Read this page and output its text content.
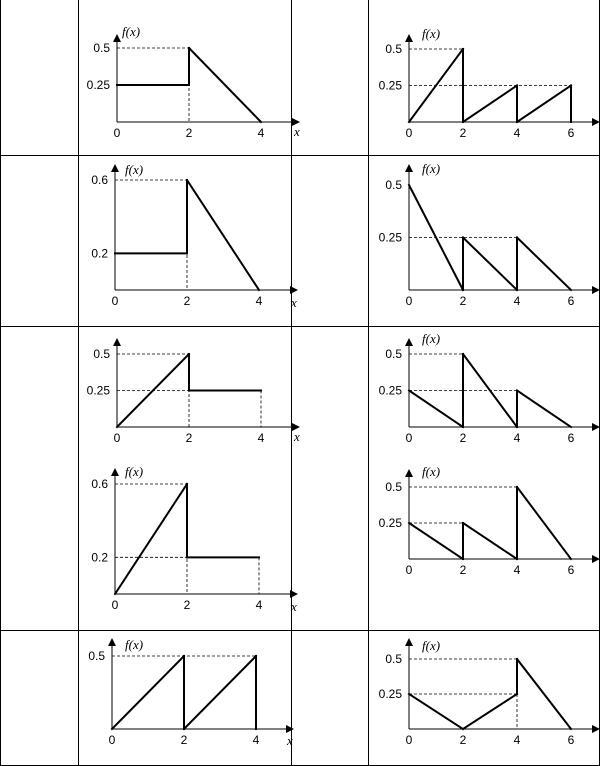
0.25
0.5
2	4
0
f(x)
x
0.25
0.5
2	4	6
0
f(x)
0.2
0.6
2	4
0
f(x)
x
0.25
0.5
2	4	6
0
f(x)
0.25
0.5
2	4
0	x
0.25
0.5
2	4	6
0
f(x)
0.2
0.6
2	4
0
f(x)
x
0.25
0.5
2	4	6
0
f(x)
0.5
2	4
0
f(x)
x
0.25
0.5
2	4	6
0
f(x)
